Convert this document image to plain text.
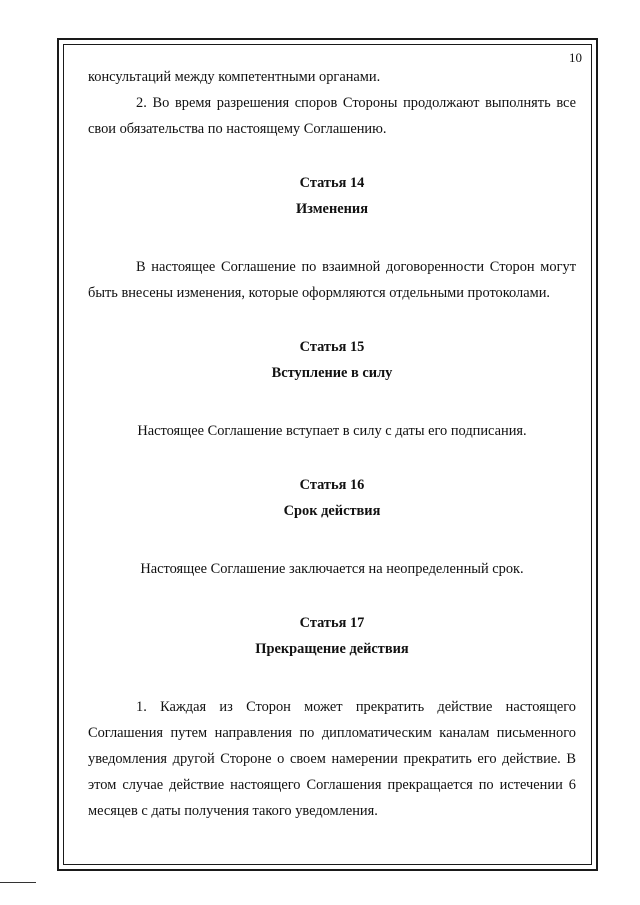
10

консультаций между компетентными органами.

2. Во время разрешения споров Стороны продолжают выполнять все свои обязательства по настоящему Соглашению.

Статья 14

Изменения

В настоящее Соглашение по взаимной договоренности Сторон могут быть внесены изменения, которые оформляются отдельными протоколами.

Статья 15

Вступление в силу

Настоящее Соглашение вступает в силу с даты его подписания.

Статья 16

Срок действия

Настоящее Соглашение заключается на неопределенный срок.

Статья 17

Прекращение действия

1. Каждая из Сторон может прекратить действие настоящего Соглашения путем направления по дипломатическим каналам письменного уведомления другой Стороне о своем намерении прекратить его действие. В этом случае действие настоящего Соглашения прекращается по истечении 6 месяцев с даты получения такого уведомления.
